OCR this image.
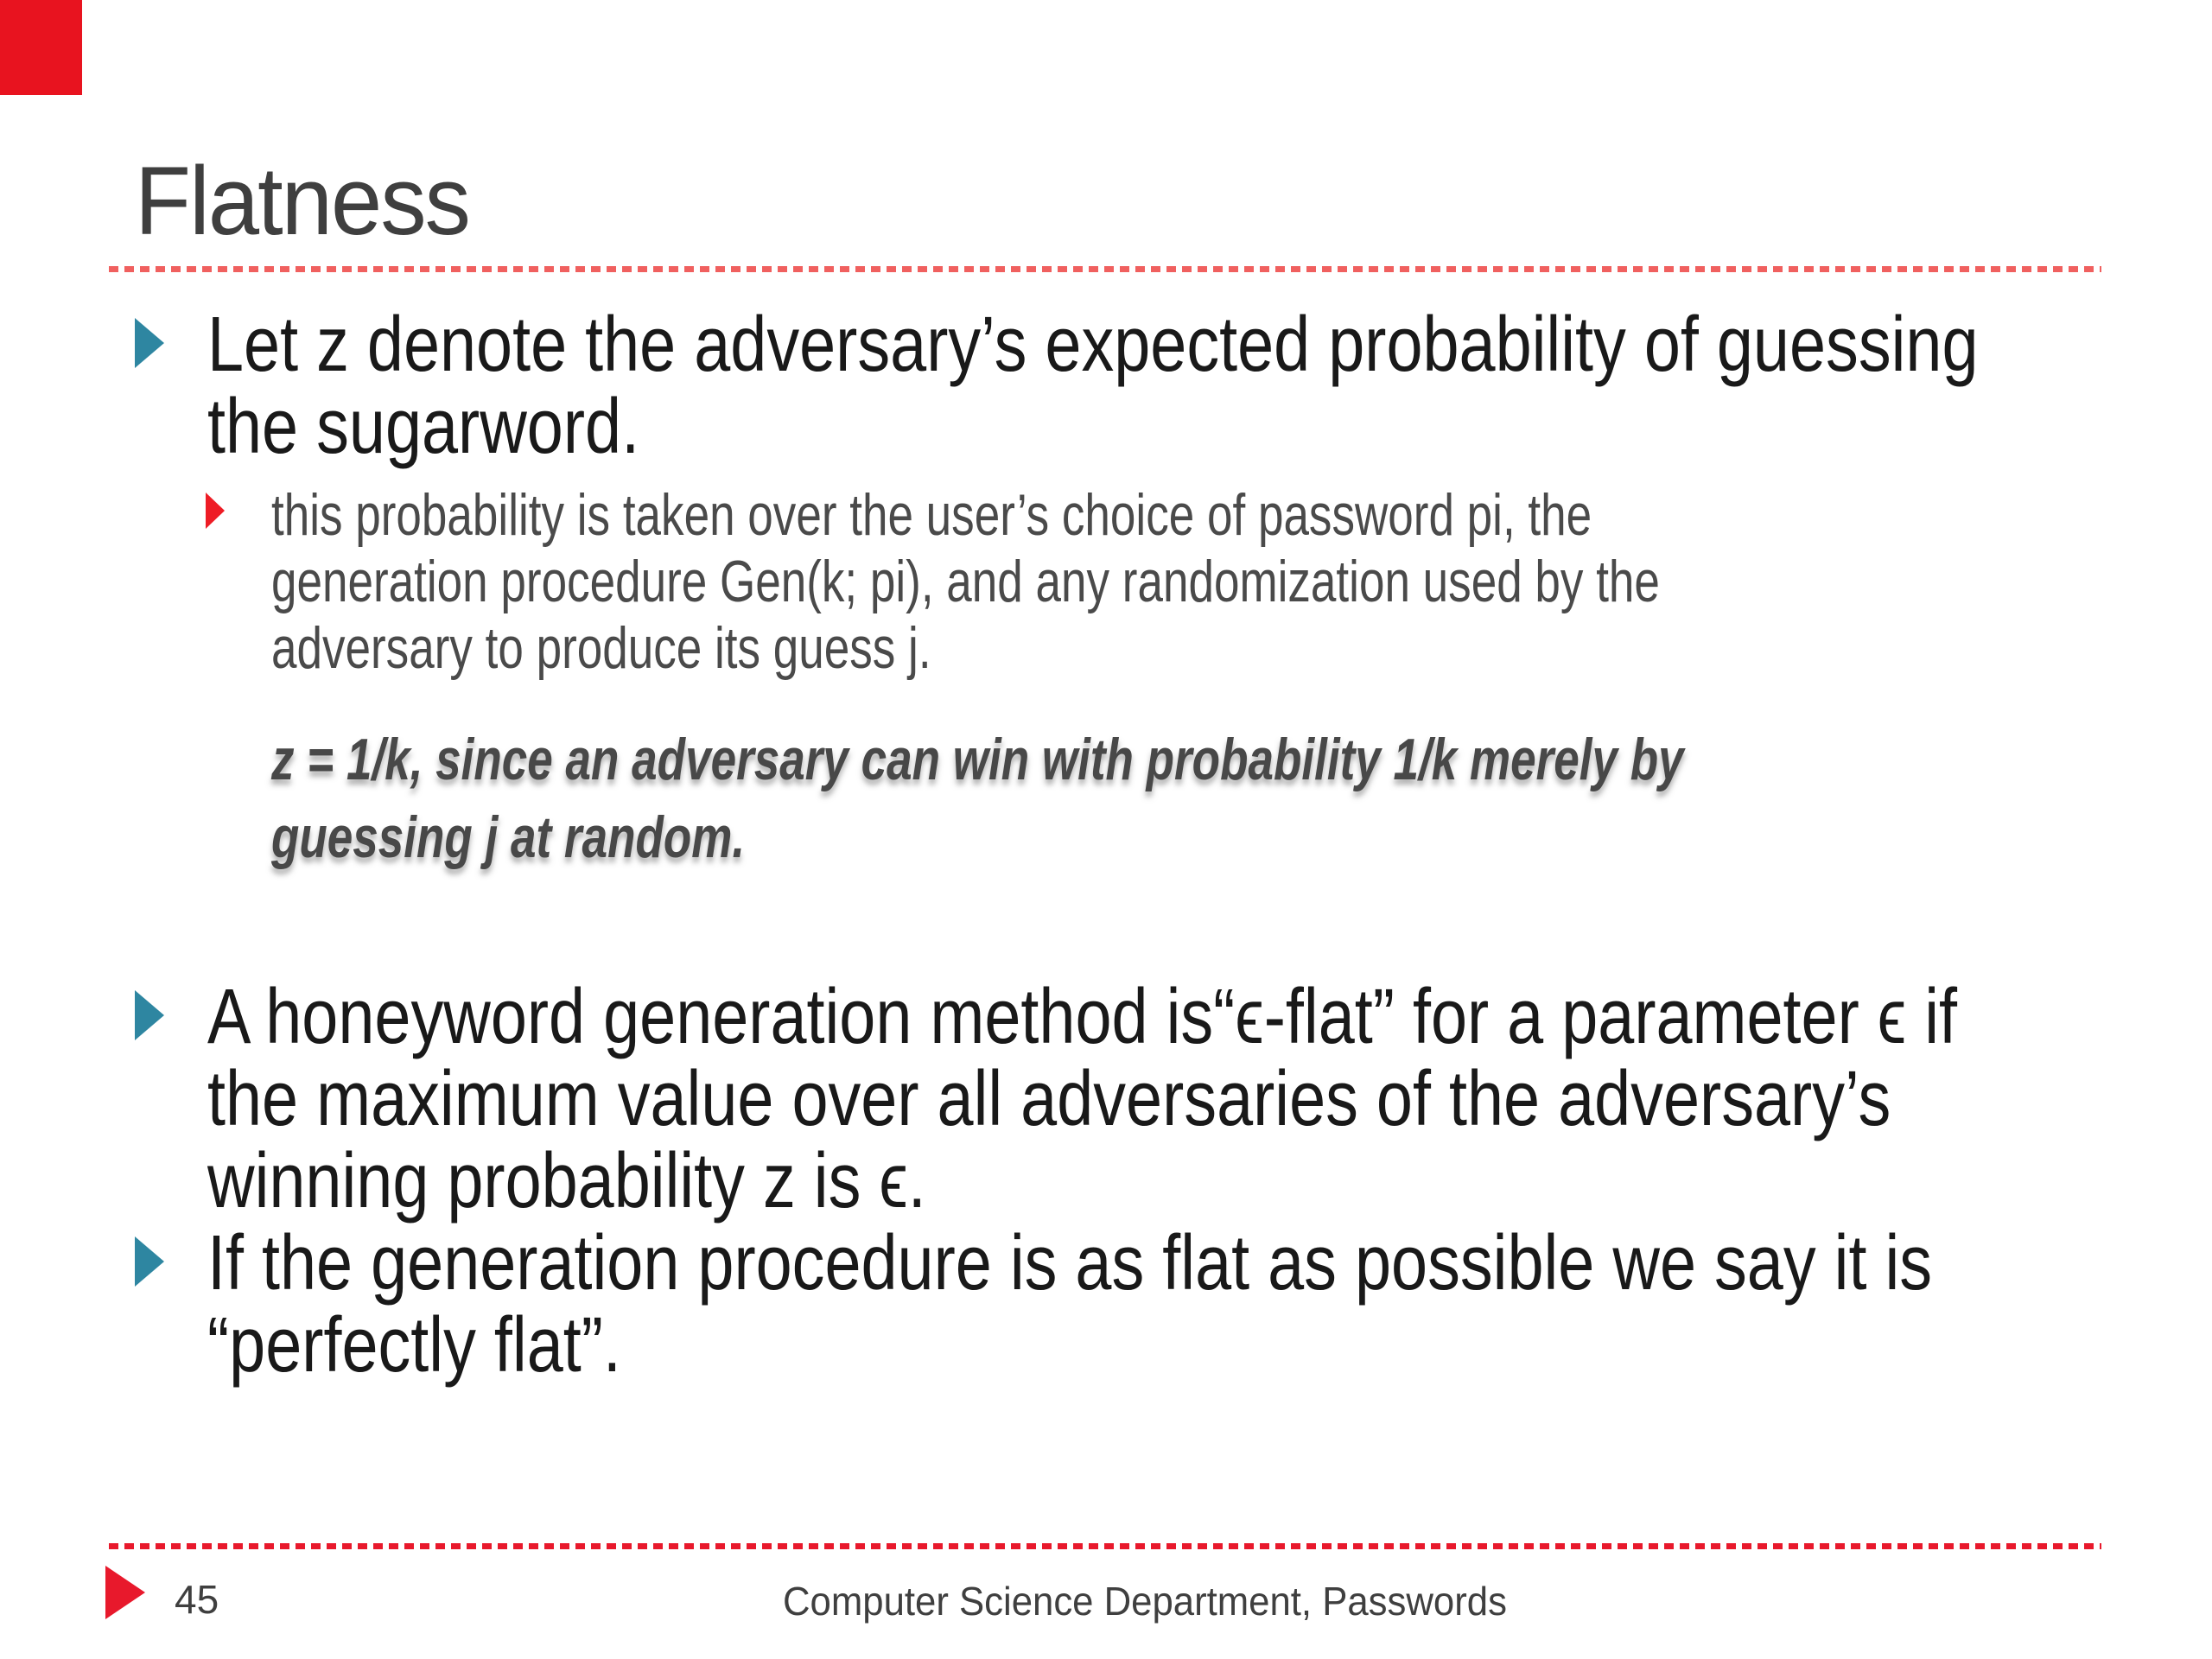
Flatness
Let z denote the adversary’s expected probability of guessing
the sugarword.
this probability is taken over the user’s choice of password pi, the
generation procedure Gen(k; pi), and any randomization used by the
adversary to produce its guess j.
z = 1/k, since an adversary can win with probability 1/k merely by
guessing j at random.
A honeyword generation method is“ϵ-flat” for a parameter ϵ if
the maximum value over all adversaries of the adversary’s
winning probability z is ϵ.
If the generation procedure is as flat as possible we say it is
“perfectly flat”.
45	Computer Science Department, Passwords
